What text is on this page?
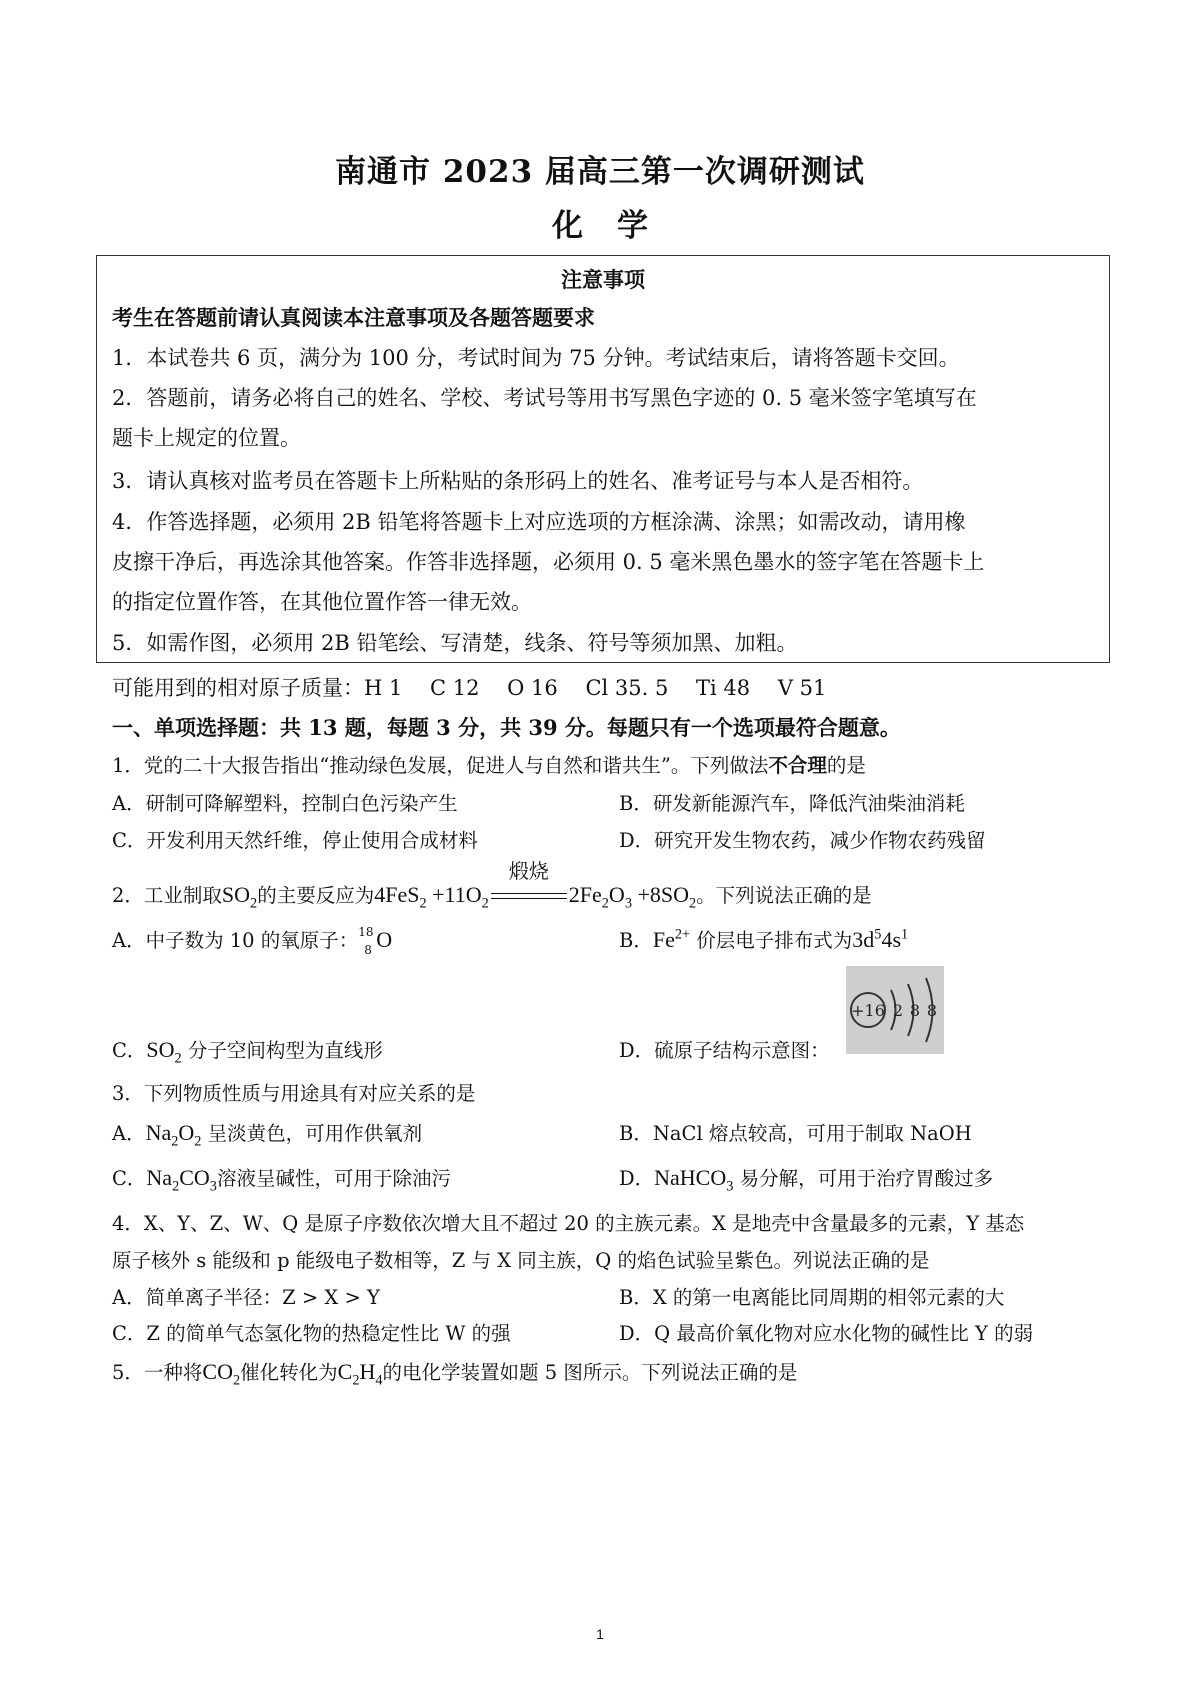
南通市 2023 届高三第一次调研测试
化学
注意事项
考生在答题前请认真阅读本注意事项及各题答题要求
1．本试卷共 6 页，满分为 100 分，考试时间为 75 分钟。考试结束后，请将答题卡交回。
2．答题前，请务必将自己的姓名、学校、考试号等用书写黑色字迹的 0. 5 毫米签字笔填写在
题卡上规定的位置。
3．请认真核对监考员在答题卡上所粘贴的条形码上的姓名、准考证号与本人是否相符。
4．作答选择题，必须用 2B 铅笔将答题卡上对应选项的方框涂满、涂黑；如需改动，请用橡
皮擦干净后，再选涂其他答案。作答非选择题，必须用 0. 5 毫米黑色墨水的签字笔在答题卡上
的指定位置作答，在其他位置作答一律无效。
5．如需作图，必须用 2B 铅笔绘、写清楚，线条、符号等须加黑、加粗。
可能用到的相对原子质量：H 1　 C 12　 O 16　 Cl 35. 5　 Ti 48　 V 51
一、单项选择题：共 13 题，每题 3 分，共 39 分。每题只有一个选项最符合题意。
1．党的二十大报告指出“推动绿色发展，促进人与自然和谐共生”。下列做法不合理的是
A．研制可降解塑料，控制白色污染产生	B．研发新能源汽车，降低汽油柴油消耗
C．开发利用天然纤维，停止使用合成材料	D．研究开发生物农药，减少作物农药残留
2．工业制取$SO_2$的主要反应为$4FeS_2 +11O_2$
煅烧
$2Fe_2O_3 +8SO_2$。下列说法正确的是
A．中子数为 10 的氧原子： 18
8 O	B．$Fe^{2+}$ 价层电子排布式为$3d^54s^1$
C．$SO_2$ 分子空间构型为直线形	D．硫原子结构示意图：
+16 2 8 8
3．下列物质性质与用途具有对应关系的是
A．$Na_2O_2$ 呈淡黄色，可用作供氧剂	B．NaCl 熔点较高，可用于制取 NaOH
C．$Na_2CO_3$溶液呈碱性，可用于除油污	D．NaHCO$_3$ 易分解，可用于治疗胃酸过多
4．X、Y、Z、W、Q 是原子序数依次增大且不超过 20 的主族元素。X 是地壳中含量最多的元素，Y 基态
原子核外 s 能级和 p 能级电子数相等，Z 与 X 同主族，Q 的焰色试验呈紫色。列说法正确的是
A．简单离子半径：Z > X > Y	B．X 的第一电离能比同周期的相邻元素的大
C．Z 的简单气态氢化物的热稳定性比 W 的强	D．Q 最高价氧化物对应水化物的碱性比 Y 的弱
5．一种将$CO_2$催化转化为$C_2H_4$的电化学装置如题 5 图所示。下列说法正确的是
1
